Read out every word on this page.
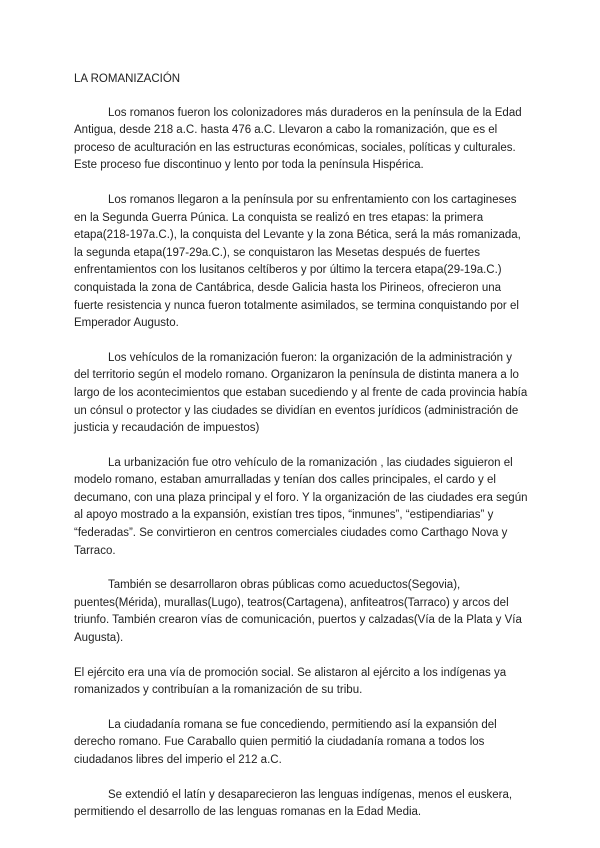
LA ROMANIZACIÓN

Los romanos fueron los colonizadores más duraderos en la península de la Edad Antigua, desde 218 a.C. hasta 476 a.C. Llevaron a cabo la romanización, que es el proceso de aculturación en las estructuras económicas, sociales, políticas y culturales. Este proceso fue discontinuo y lento por toda la península Hispérica.

Los romanos llegaron a la península por su enfrentamiento con los cartagineses en la Segunda Guerra Púnica. La conquista se realizó en tres etapas: la primera etapa(218-197a.C.), la conquista del Levante y la zona Bética, será la más romanizada, la segunda etapa(197-29a.C.), se conquistaron las Mesetas después de fuertes enfrentamientos con los lusitanos celtíberos y por último la tercera etapa(29-19a.C.) conquistada la zona de Cantábrica, desde Galicia hasta los Pirineos, ofrecieron una fuerte resistencia y nunca fueron totalmente asimilados, se termina conquistando por el Emperador Augusto.

Los vehículos de la romanización fueron: la organización de la administración y del territorio según el modelo romano. Organizaron la península de distinta manera a lo largo de los acontecimientos que estaban sucediendo y al frente de cada provincia había un cónsul o protector y las ciudades se dividían en eventos jurídicos (administración de justicia y recaudación de impuestos)

La urbanización fue otro vehículo de la romanización , las ciudades siguieron el modelo romano, estaban amurralladas y tenían dos calles principales, el cardo y el decumano, con una plaza principal y el foro. Y la organización de las ciudades era según al apoyo mostrado a la expansión, existían tres tipos, “inmunes”, “estipendiarias” y “federadas”. Se convirtieron en centros comerciales ciudades como Carthago Nova y Tarraco.

También se desarrollaron obras públicas como acueductos(Segovia), puentes(Mérida), murallas(Lugo), teatros(Cartagena), anfiteatros(Tarraco) y arcos del triunfo. También crearon vías de comunicación, puertos y calzadas(Vía de la Plata y Vía Augusta).

El ejército era una vía de promoción social. Se alistaron al ejército a los indígenas ya romanizados y contribuían a la romanización de su tribu.

La ciudadanía romana se fue concediendo, permitiendo así la expansión del derecho romano. Fue Caraballo quien permitió la ciudadanía romana a todos los ciudadanos libres del imperio el 212 a.C.

Se extendió el latín y desaparecieron las lenguas indígenas, menos el euskera, permitiendo el desarrollo de las lenguas romanas en la Edad Media.
